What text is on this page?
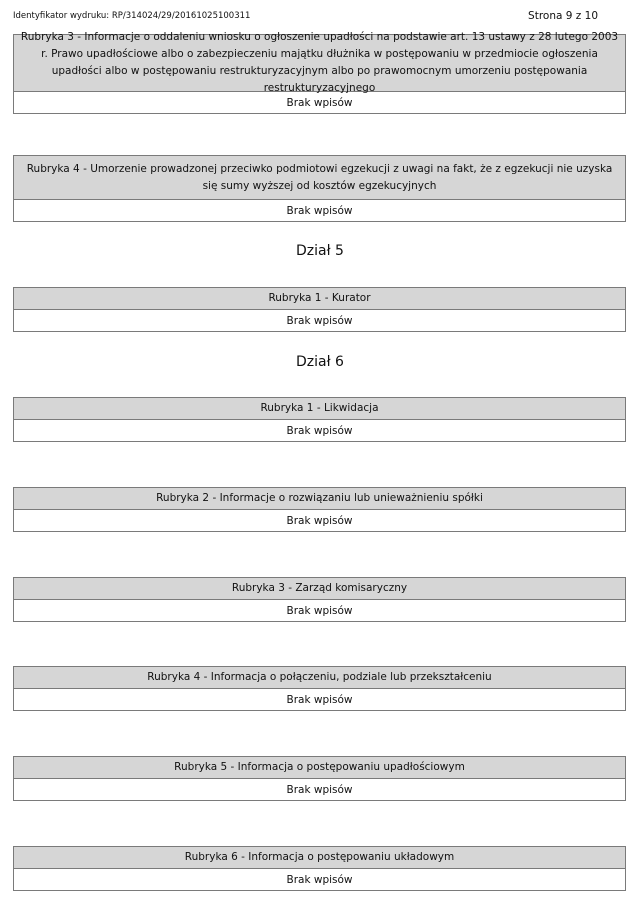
Identyfikator wydruku: RP/314024/29/20161025100311	Strona 9 z 10
Rubryka 3 - Informacje o oddaleniu wniosku o ogłoszenie upadłości na podstawie art. 13 ustawy z 28 lutego 2003 r. Prawo upadłościowe albo o zabezpieczeniu majątku dłużnika w postępowaniu w przedmiocie ogłoszenia upadłości albo w postępowaniu restrukturyzacyjnym albo po prawomocnym umorzeniu postępowania restrukturyzacyjnego
Brak wpisów
Rubryka 4 - Umorzenie prowadzonej przeciwko podmiotowi egzekucji z uwagi na fakt, że z egzekucji nie uzyska się sumy wyższej od kosztów egzekucyjnych
Brak wpisów
Dział 5
Rubryka 1 - Kurator
Brak wpisów
Dział 6
Rubryka 1 - Likwidacja
Brak wpisów
Rubryka 2 - Informacje o rozwiązaniu lub unieważnieniu spółki
Brak wpisów
Rubryka 3 - Zarząd komisaryczny
Brak wpisów
Rubryka 4 - Informacja o połączeniu, podziale lub przekształceniu
Brak wpisów
Rubryka 5 - Informacja o postępowaniu upadłościowym
Brak wpisów
Rubryka 6 - Informacja o postępowaniu układowym
Brak wpisów
